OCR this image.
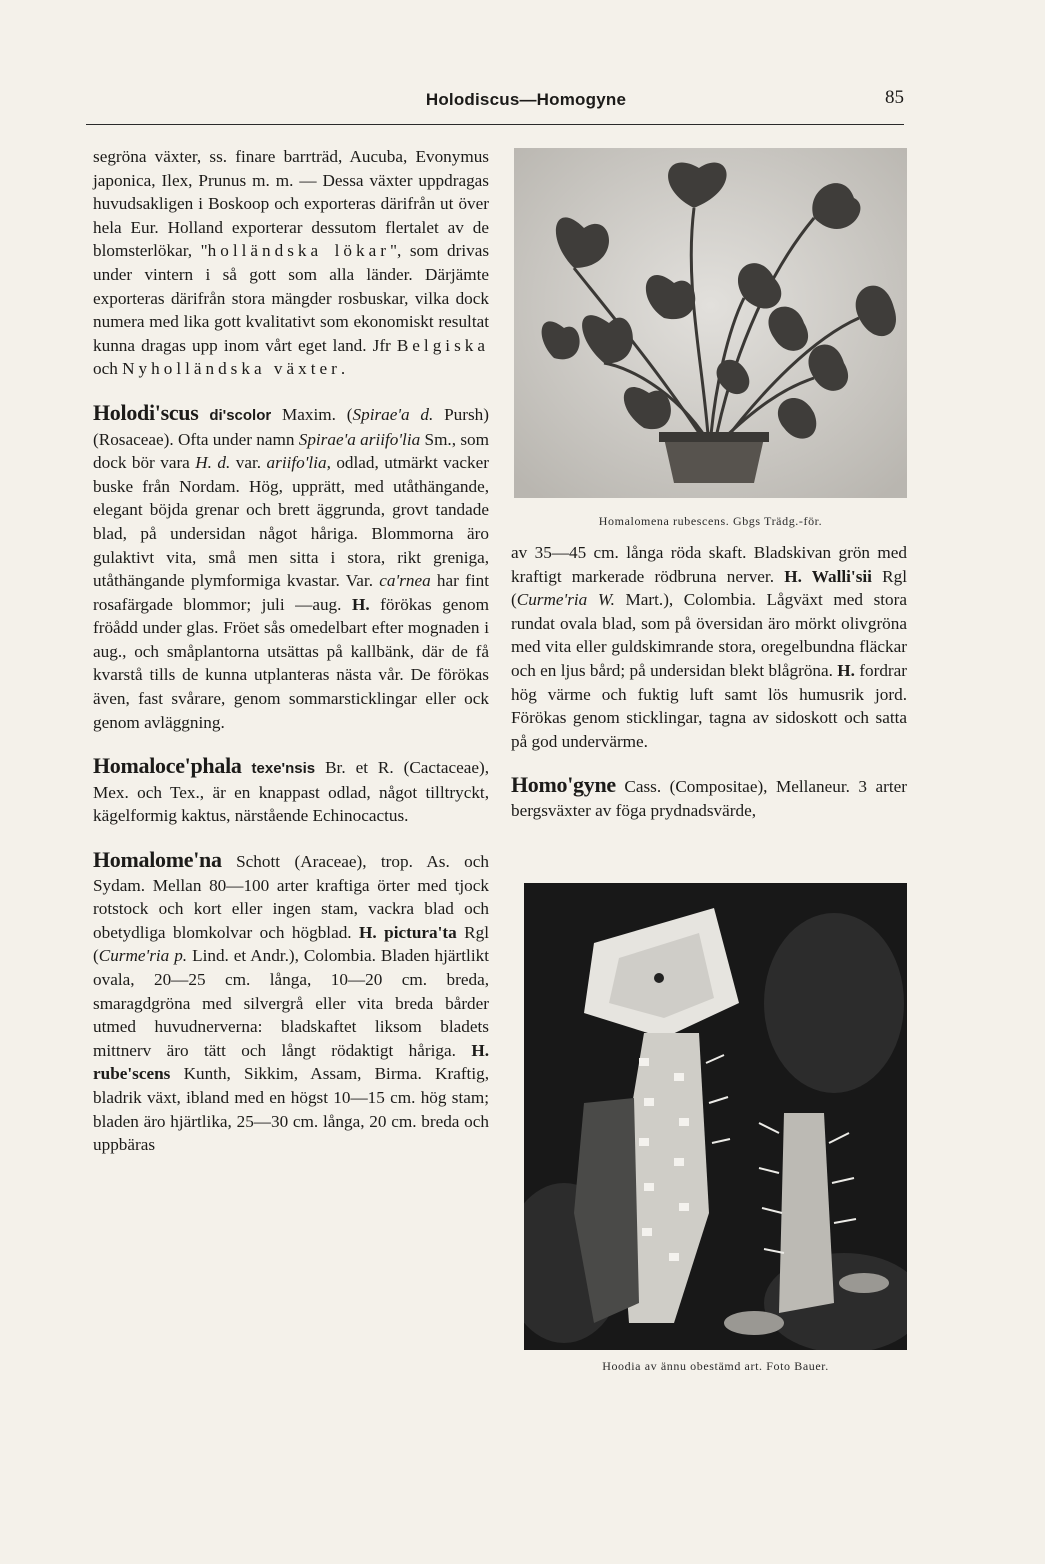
Holodiscus—Homogyne	85

segröna växter, ss. finare barrträd, Aucuba, Evonymus japonica, Ilex, Prunus m. m. — Dessa växter uppdragas huvudsakligen i Boskoop och exporteras därifrån ut över hela Eur. Holland exporterar dessutom flertalet av de blomsterlökar, "holländska lökar", som drivas under vintern i så gott som alla länder. Därjämte exporteras därifrån stora mängder rosbuskar, vilka dock numera med lika gott kvalitativt som ekonomiskt resultat kunna dragas upp inom vårt eget land. Jfr Belgiska och Nyholländska växter.

Holodi'scus di'scolor Maxim. (Spirae'a d. Pursh) (Rosaceae). Ofta under namn Spirae'a ariifo'lia Sm., som dock bör vara H. d. var. ariifo'lia, odlad, utmärkt vacker buske från Nordam. Hög, upprätt, med utåthängande, elegant böjda grenar och brett äggrunda, grovt tandade blad, på undersidan något håriga. Blommorna äro gulaktivt vita, små men sitta i stora, rikt greniga, utåthängande plymformiga kvastar. Var. ca'rnea har fint rosafärgade blommor; juli —aug. H. förökas genom fröådd under glas. Fröet sås omedelbart efter mognaden i aug., och småplantorna utsättas på kallbänk, där de få kvarstå tills de kunna utplanteras nästa vår. De förökas även, fast svårare, genom sommarsticklingar eller ock genom avläggning.

Homaloce'phala texe'nsis Br. et R. (Cactaceae), Mex. och Tex., är en knappast odlad, något tilltryckt, kägelformig kaktus, närstående Echinocactus.

Homalome'na Schott (Araceae), trop. As. och Sydam. Mellan 80—100 arter kraftiga örter med tjock rotstock och kort eller ingen stam, vackra blad och obetydliga blomkolvar och högblad. H. pictura'ta Rgl (Curme'ria p. Lind. et Andr.), Colombia. Bladen hjärtlikt ovala, 20—25 cm. långa, 10—20 cm. breda, smaragdgröna med silvergrå eller vita breda bårder utmed huvudnerverna: bladskaftet liksom bladets mittnerv äro tätt och långt rödaktigt håriga. H. rube'scens Kunth, Sikkim, Assam, Birma. Kraftig, bladrik växt, ibland med en högst 10—15 cm. hög stam; bladen äro hjärtlika, 25—30 cm. långa, 20 cm. breda och uppbäras

Homalomena rubescens. Gbgs Trädg.-för.

av 35—45 cm. långa röda skaft. Bladskivan grön med kraftigt markerade rödbruna nerver. H. Walli'sii Rgl (Curme'ria W. Mart.), Colombia. Lågväxt med stora rundat ovala blad, som på översidan äro mörkt olivgröna med vita eller guldskimrande stora, oregelbundna fläckar och en ljus bård; på undersidan blekt blågröna. H. fordrar hög värme och fuktig luft samt lös humusrik jord. Förökas genom sticklingar, tagna av sidoskott och satta på god undervärme.

Homo'gyne Cass. (Compositae), Mellaneur. 3 arter bergsväxter av föga prydnadsvärde,

Hoodia av ännu obestämd art. Foto Bauer.
